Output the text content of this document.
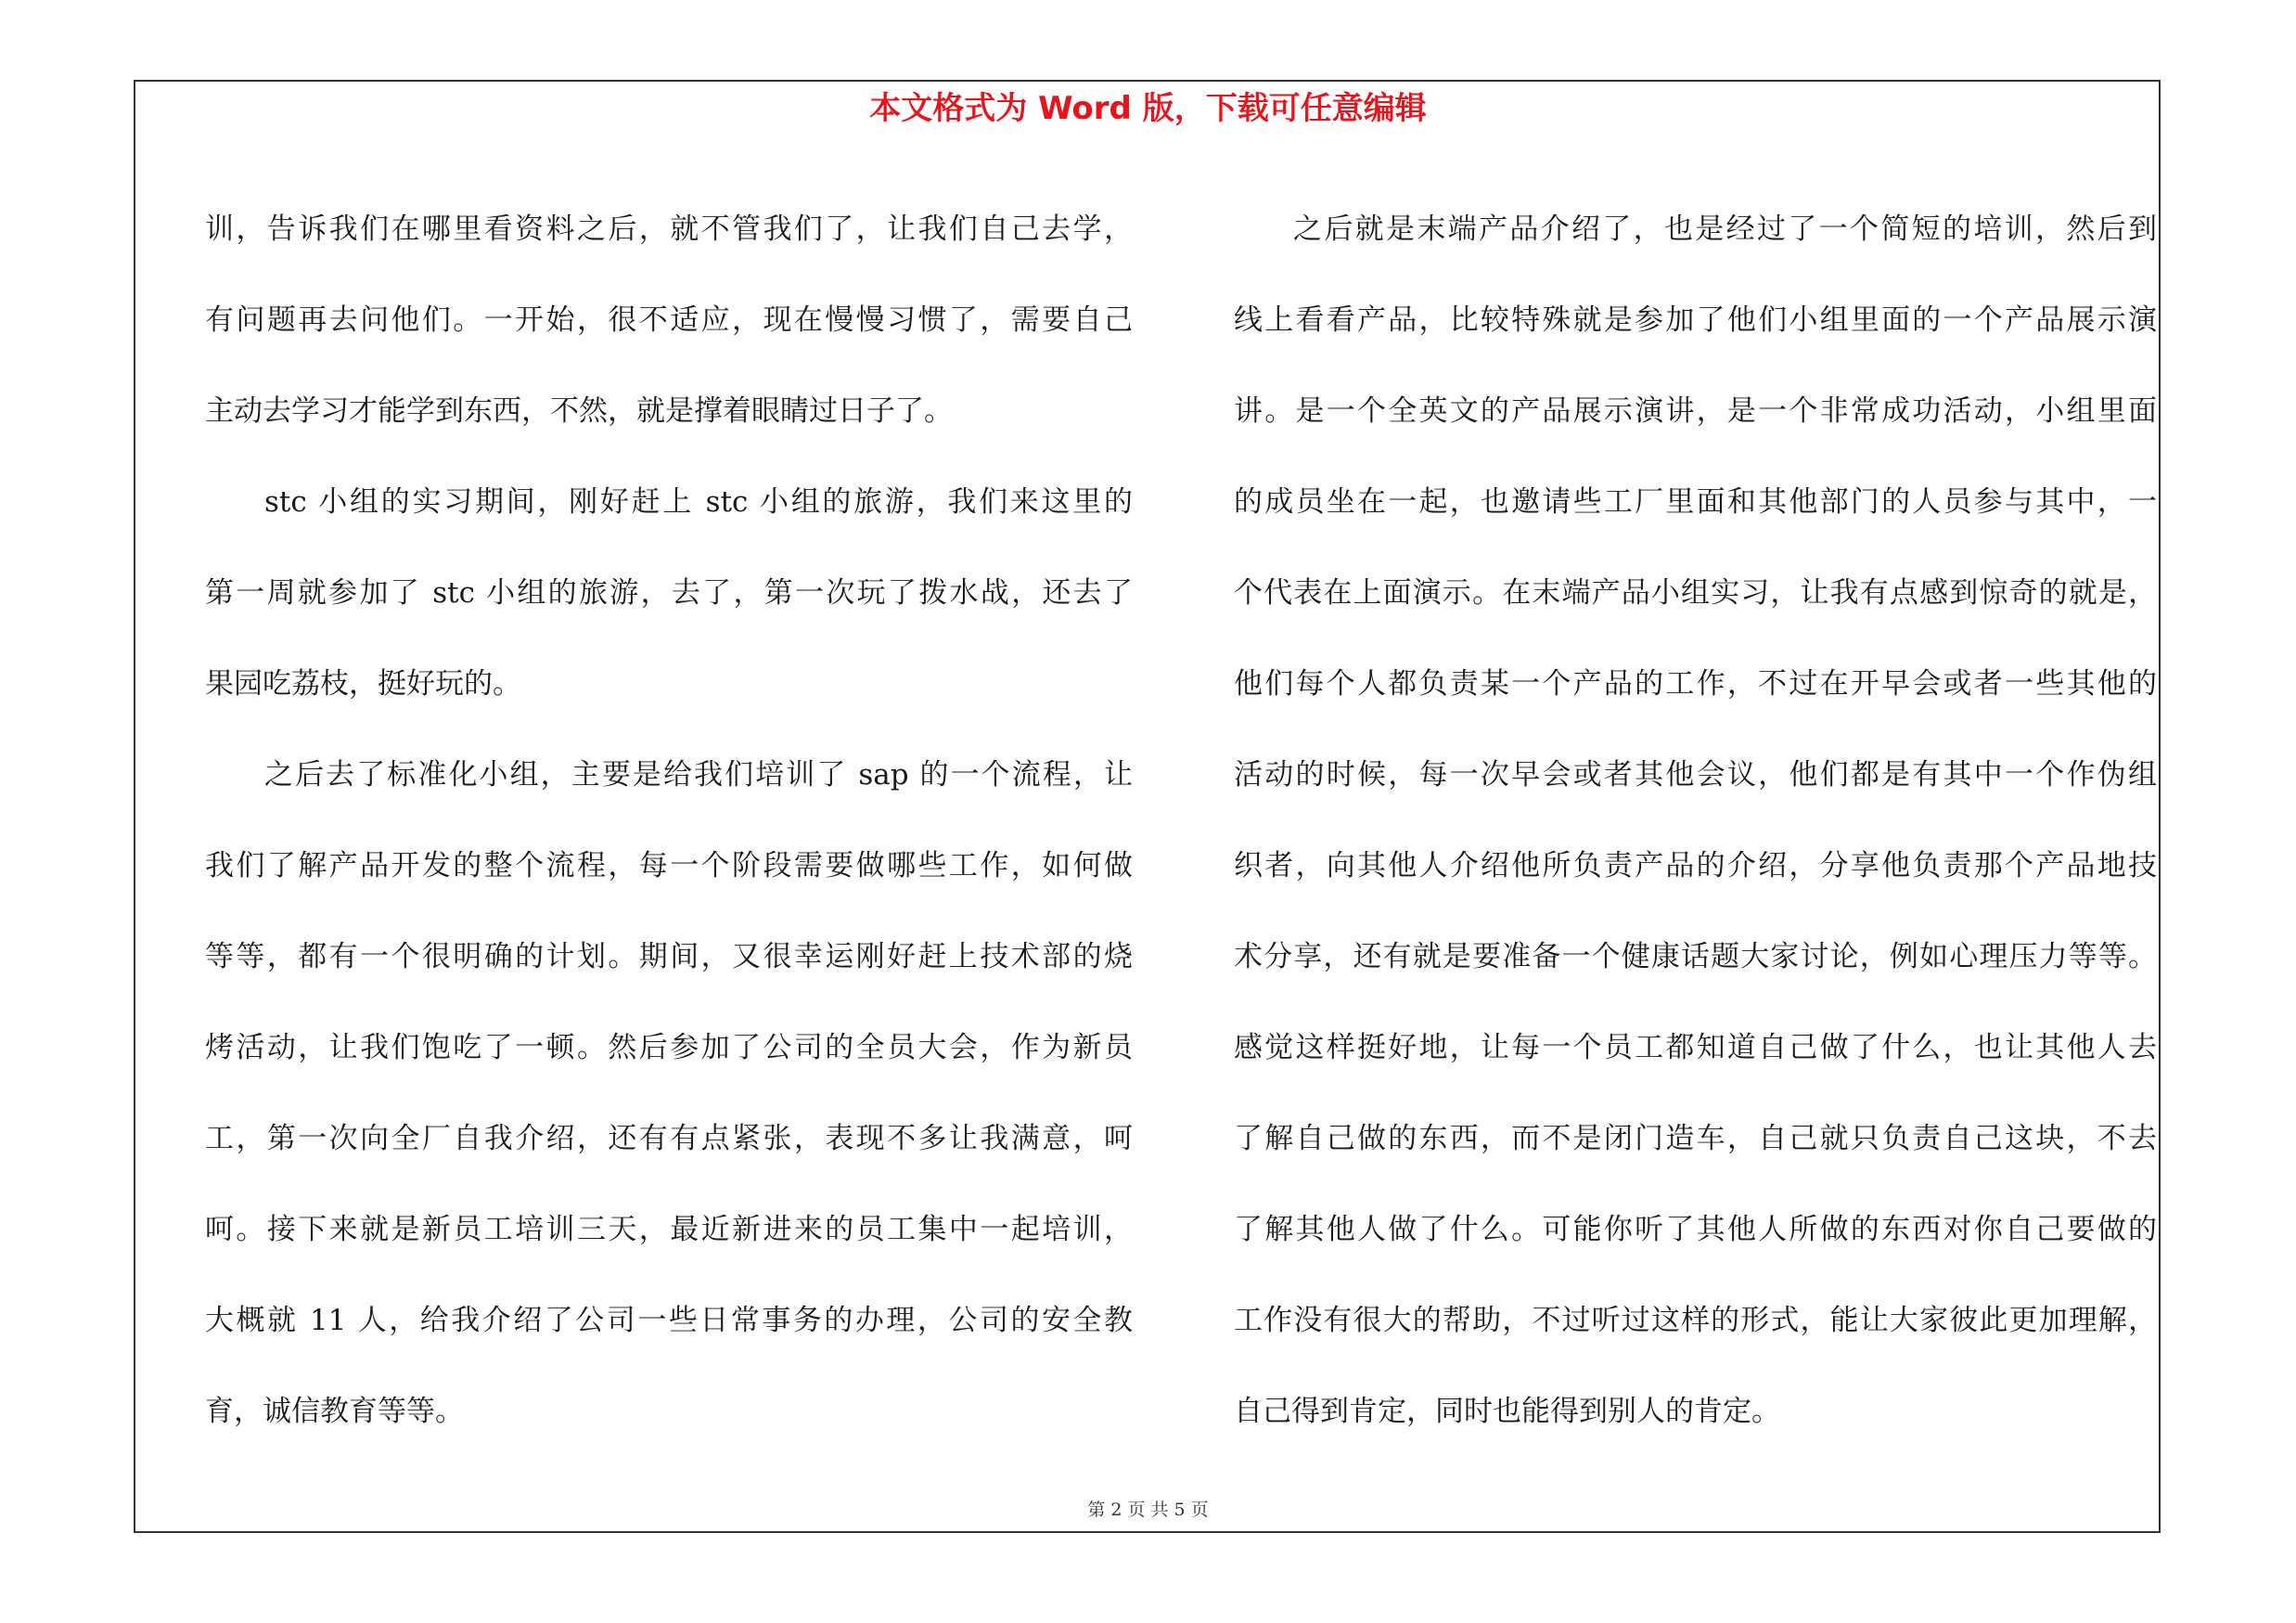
本文格式为 Word 版，下载可任意编辑
训，告诉我们在哪里看资料之后，就不管我们了，让我们自己去学，
有问题再去问他们。一开始，很不适应，现在慢慢习惯了，需要自己
主动去学习才能学到东西，不然，就是撑着眼睛过日子了。
stc 小组的实习期间，刚好赶上 stc 小组的旅游，我们来这里的
第一周就参加了 stc 小组的旅游，去了，第一次玩了拨水战，还去了
果园吃荔枝，挺好玩的。
之后去了标准化小组，主要是给我们培训了 sap 的一个流程，让
我们了解产品开发的整个流程，每一个阶段需要做哪些工作，如何做
等等，都有一个很明确的计划。期间，又很幸运刚好赶上技术部的烧
烤活动，让我们饱吃了一顿。然后参加了公司的全员大会，作为新员
工，第一次向全厂自我介绍，还有有点紧张，表现不多让我满意，呵
呵。接下来就是新员工培训三天，最近新进来的员工集中一起培训，
大概就 11 人，给我介绍了公司一些日常事务的办理，公司的安全教
育，诚信教育等等。
之后就是末端产品介绍了，也是经过了一个简短的培训，然后到
线上看看产品，比较特殊就是参加了他们小组里面的一个产品展示演
讲。是一个全英文的产品展示演讲，是一个非常成功活动，小组里面
的成员坐在一起，也邀请些工厂里面和其他部门的人员参与其中，一
个代表在上面演示。在末端产品小组实习，让我有点感到惊奇的就是，
他们每个人都负责某一个产品的工作，不过在开早会或者一些其他的
活动的时候，每一次早会或者其他会议，他们都是有其中一个作伪组
织者，向其他人介绍他所负责产品的介绍，分享他负责那个产品地技
术分享，还有就是要准备一个健康话题大家讨论，例如心理压力等等。
感觉这样挺好地，让每一个员工都知道自己做了什么，也让其他人去
了解自己做的东西，而不是闭门造车，自己就只负责自己这块，不去
了解其他人做了什么。可能你听了其他人所做的东西对你自己要做的
工作没有很大的帮助，不过听过这样的形式，能让大家彼此更加理解，
自己得到肯定，同时也能得到别人的肯定。
第 2 页 共 5 页
